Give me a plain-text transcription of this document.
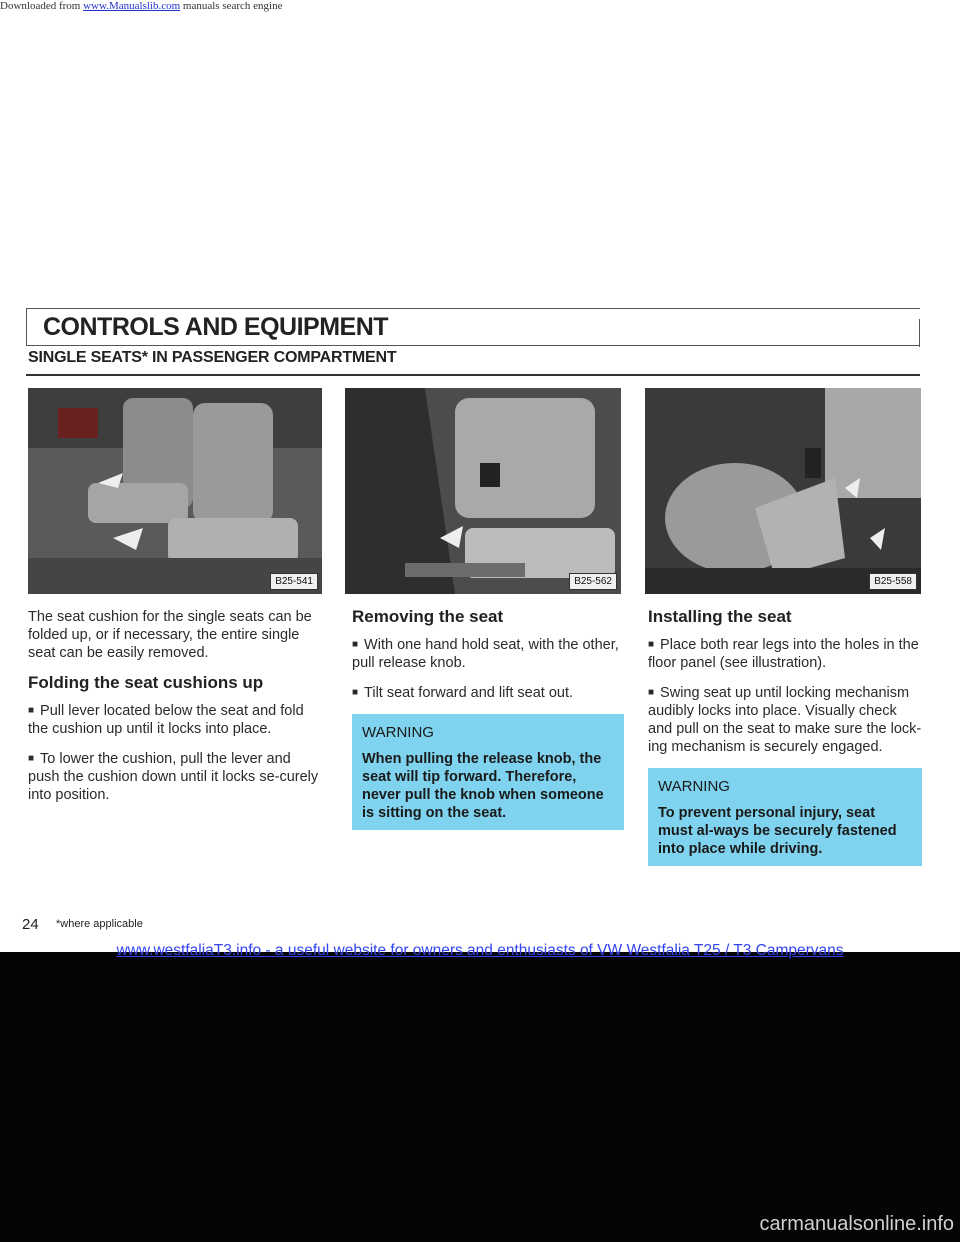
Downloaded from www.Manualslib.com manuals search engine
CONTROLS AND EQUIPMENT
SINGLE SEATS* IN PASSENGER COMPARTMENT
B25-541	B25-562	B25-558

The seat cushion for the single seats can be folded up, or if necessary, the entire single seat can be easily removed.

Folding the seat cushions up

■ Pull lever located below the seat and fold the cushion up until it locks into place.

■ To lower the cushion, pull the lever and push the cushion down until it locks se-curely into position.

Removing the seat

■ With one hand hold seat, with the other, pull release knob.

■ Tilt seat forward and lift seat out.

WARNING
When pulling the release knob, the seat will tip forward. Therefore, never pull the knob when someone is sitting on the seat.
Installing the seat

■ Place both rear legs into the holes in the floor panel (see illustration).

■ Swing seat up until locking mechanism audibly locks into place. Visually check and pull on the seat to make sure the lock-ing mechanism is securely engaged.

WARNING
To prevent personal injury, seat must al-ways be securely fastened into place while driving.
24 *where applicable
www.westfaliaT3.info - a useful website for owners and enthusiasts of VW Westfalia T25 / T3 Campervans
carmanualsonline.info
